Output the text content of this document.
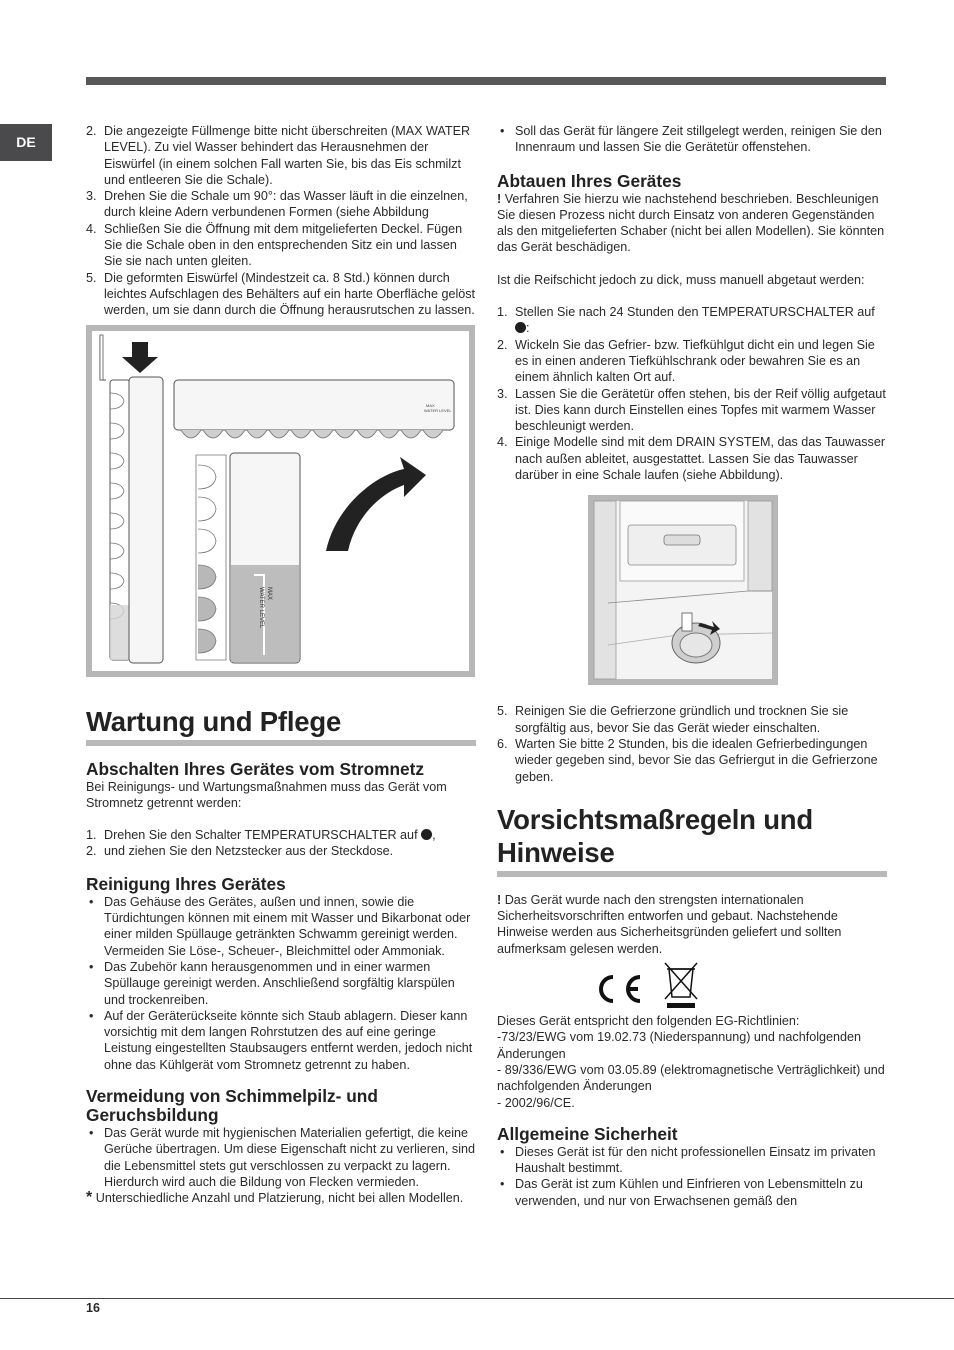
DE
2. Die angezeigte Füllmenge bitte nicht überschreiten (MAX WATER LEVEL). Zu viel Wasser behindert das Herausnehmen der Eiswürfel (in einem solchen Fall warten Sie, bis das Eis schmilzt und entleeren Sie die Schale).
3. Drehen Sie die Schale um 90°: das Wasser läuft in die einzelnen, durch kleine Adern verbundenen Formen (siehe Abbildung
4. Schließen Sie die Öffnung mit dem mitgelieferten Deckel. Fügen Sie die Schale oben in den entsprechenden Sitz ein und lassen Sie sie nach unten gleiten.
5. Die geformten Eiswürfel (Mindestzeit ca. 8 Std.) können durch leichtes Aufschlagen des Behälters auf ein harte Oberfläche gelöst werden, um sie dann durch die Öffnung herausrutschen zu lassen.
MAX
WATER LEVEL
MAX
WATER LEVEL
Wartung und Pflege
Abschalten Ihres Gerätes vom Stromnetz

Bei Reinigungs- und Wartungsmaßnahmen muss das Gerät vom Stromnetz getrennt werden:

1. Drehen Sie den Schalter TEMPERATURSCHALTER auf ,
2. und ziehen Sie den Netzstecker aus der Steckdose.
Reinigung Ihres Gerätes
• Das Gehäuse des Gerätes, außen und innen, sowie die Türdichtungen können mit einem mit Wasser und Bikarbonat oder einer milden Spüllauge getränkten Schwamm gereinigt werden. Vermeiden Sie Löse-, Scheuer-, Bleichmittel oder Ammoniak.
• Das Zubehör kann herausgenommen und in einer warmen Spüllauge gereinigt werden. Anschließend sorgfältig klarspülen und trockenreiben.
• Auf der Geräterückseite könnte sich Staub ablagern. Dieser kann vorsichtig mit dem langen Rohrstutzen des auf eine geringe Leistung eingestellten Staubsaugers entfernt werden, jedoch nicht ohne das Kühlgerät vom Stromnetz getrennt zu haben.
Vermeidung von Schimmelpilz- und Geruchsbildung
• Das Gerät wurde mit hygienischen Materialien gefertigt, die keine Gerüche übertragen. Um diese Eigenschaft nicht zu verlieren, sind die Lebensmittel stets gut verschlossen zu verpackt zu lagern. Hierdurch wird auch die Bildung von Flecken vermieden.

* Unterschiedliche Anzahl und Platzierung, nicht bei allen Modellen.

• Soll das Gerät für längere Zeit stillgelegt werden, reinigen Sie den Innenraum und lassen Sie die Gerätetür offenstehen.
Abtauen Ihres Gerätes

! Verfahren Sie hierzu wie nachstehend beschrieben. Beschleunigen Sie diesen Prozess nicht durch Einsatz von anderen Gegenständen als den mitgelieferten Schaber (nicht bei allen Modellen). Sie könnten das Gerät beschädigen.

Ist die Reifschicht jedoch zu dick, muss manuell abgetaut werden:

1. Stellen Sie nach 24 Stunden den TEMPERATURSCHALTER auf :
2. Wickeln Sie das Gefrier- bzw. Tiefkühlgut dicht ein und legen Sie es in einen anderen Tiefkühlschrank oder bewahren Sie es an einem ähnlich kalten Ort auf.
3. Lassen Sie die Gerätetür offen stehen, bis der Reif völlig aufgetaut ist. Dies kann durch Einstellen eines Topfes mit warmem Wasser beschleunigt werden.
4. Einige Modelle sind mit dem DRAIN SYSTEM, das das Tauwasser nach außen ableitet, ausgestattet. Lassen Sie das Tauwasser darüber in eine Schale laufen (siehe Abbildung).
5. Reinigen Sie die Gefrierzone gründlich und trocknen Sie sie sorgfältig aus, bevor Sie das Gerät wieder einschalten.
6. Warten Sie bitte 2 Stunden, bis die idealen Gefrierbedingungen wieder gegeben sind, bevor Sie das Gefriergut in die Gefrierzone geben.
Vorsichtsmaßregeln und Hinweise

! Das Gerät wurde nach den strengsten internationalen Sicherheitsvorschriften entworfen und gebaut. Nachstehende Hinweise werden aus Sicherheitsgründen geliefert und sollten aufmerksam gelesen werden.

Dieses Gerät entspricht den folgenden EG-Richtlinien:

-73/23/EWG vom 19.02.73 (Niederspannung) und nachfolgenden Änderungen

- 89/336/EWG vom 03.05.89 (elektromagnetische Verträglichkeit) und nachfolgenden Änderungen

- 2002/96/CE.

Allgemeine Sicherheit
• Dieses Gerät ist für den nicht professionellen Einsatz im privaten Haushalt bestimmt.
• Das Gerät ist zum Kühlen und Einfrieren von Lebensmitteln zu verwenden, und nur von Erwachsenen gemäß den
16
